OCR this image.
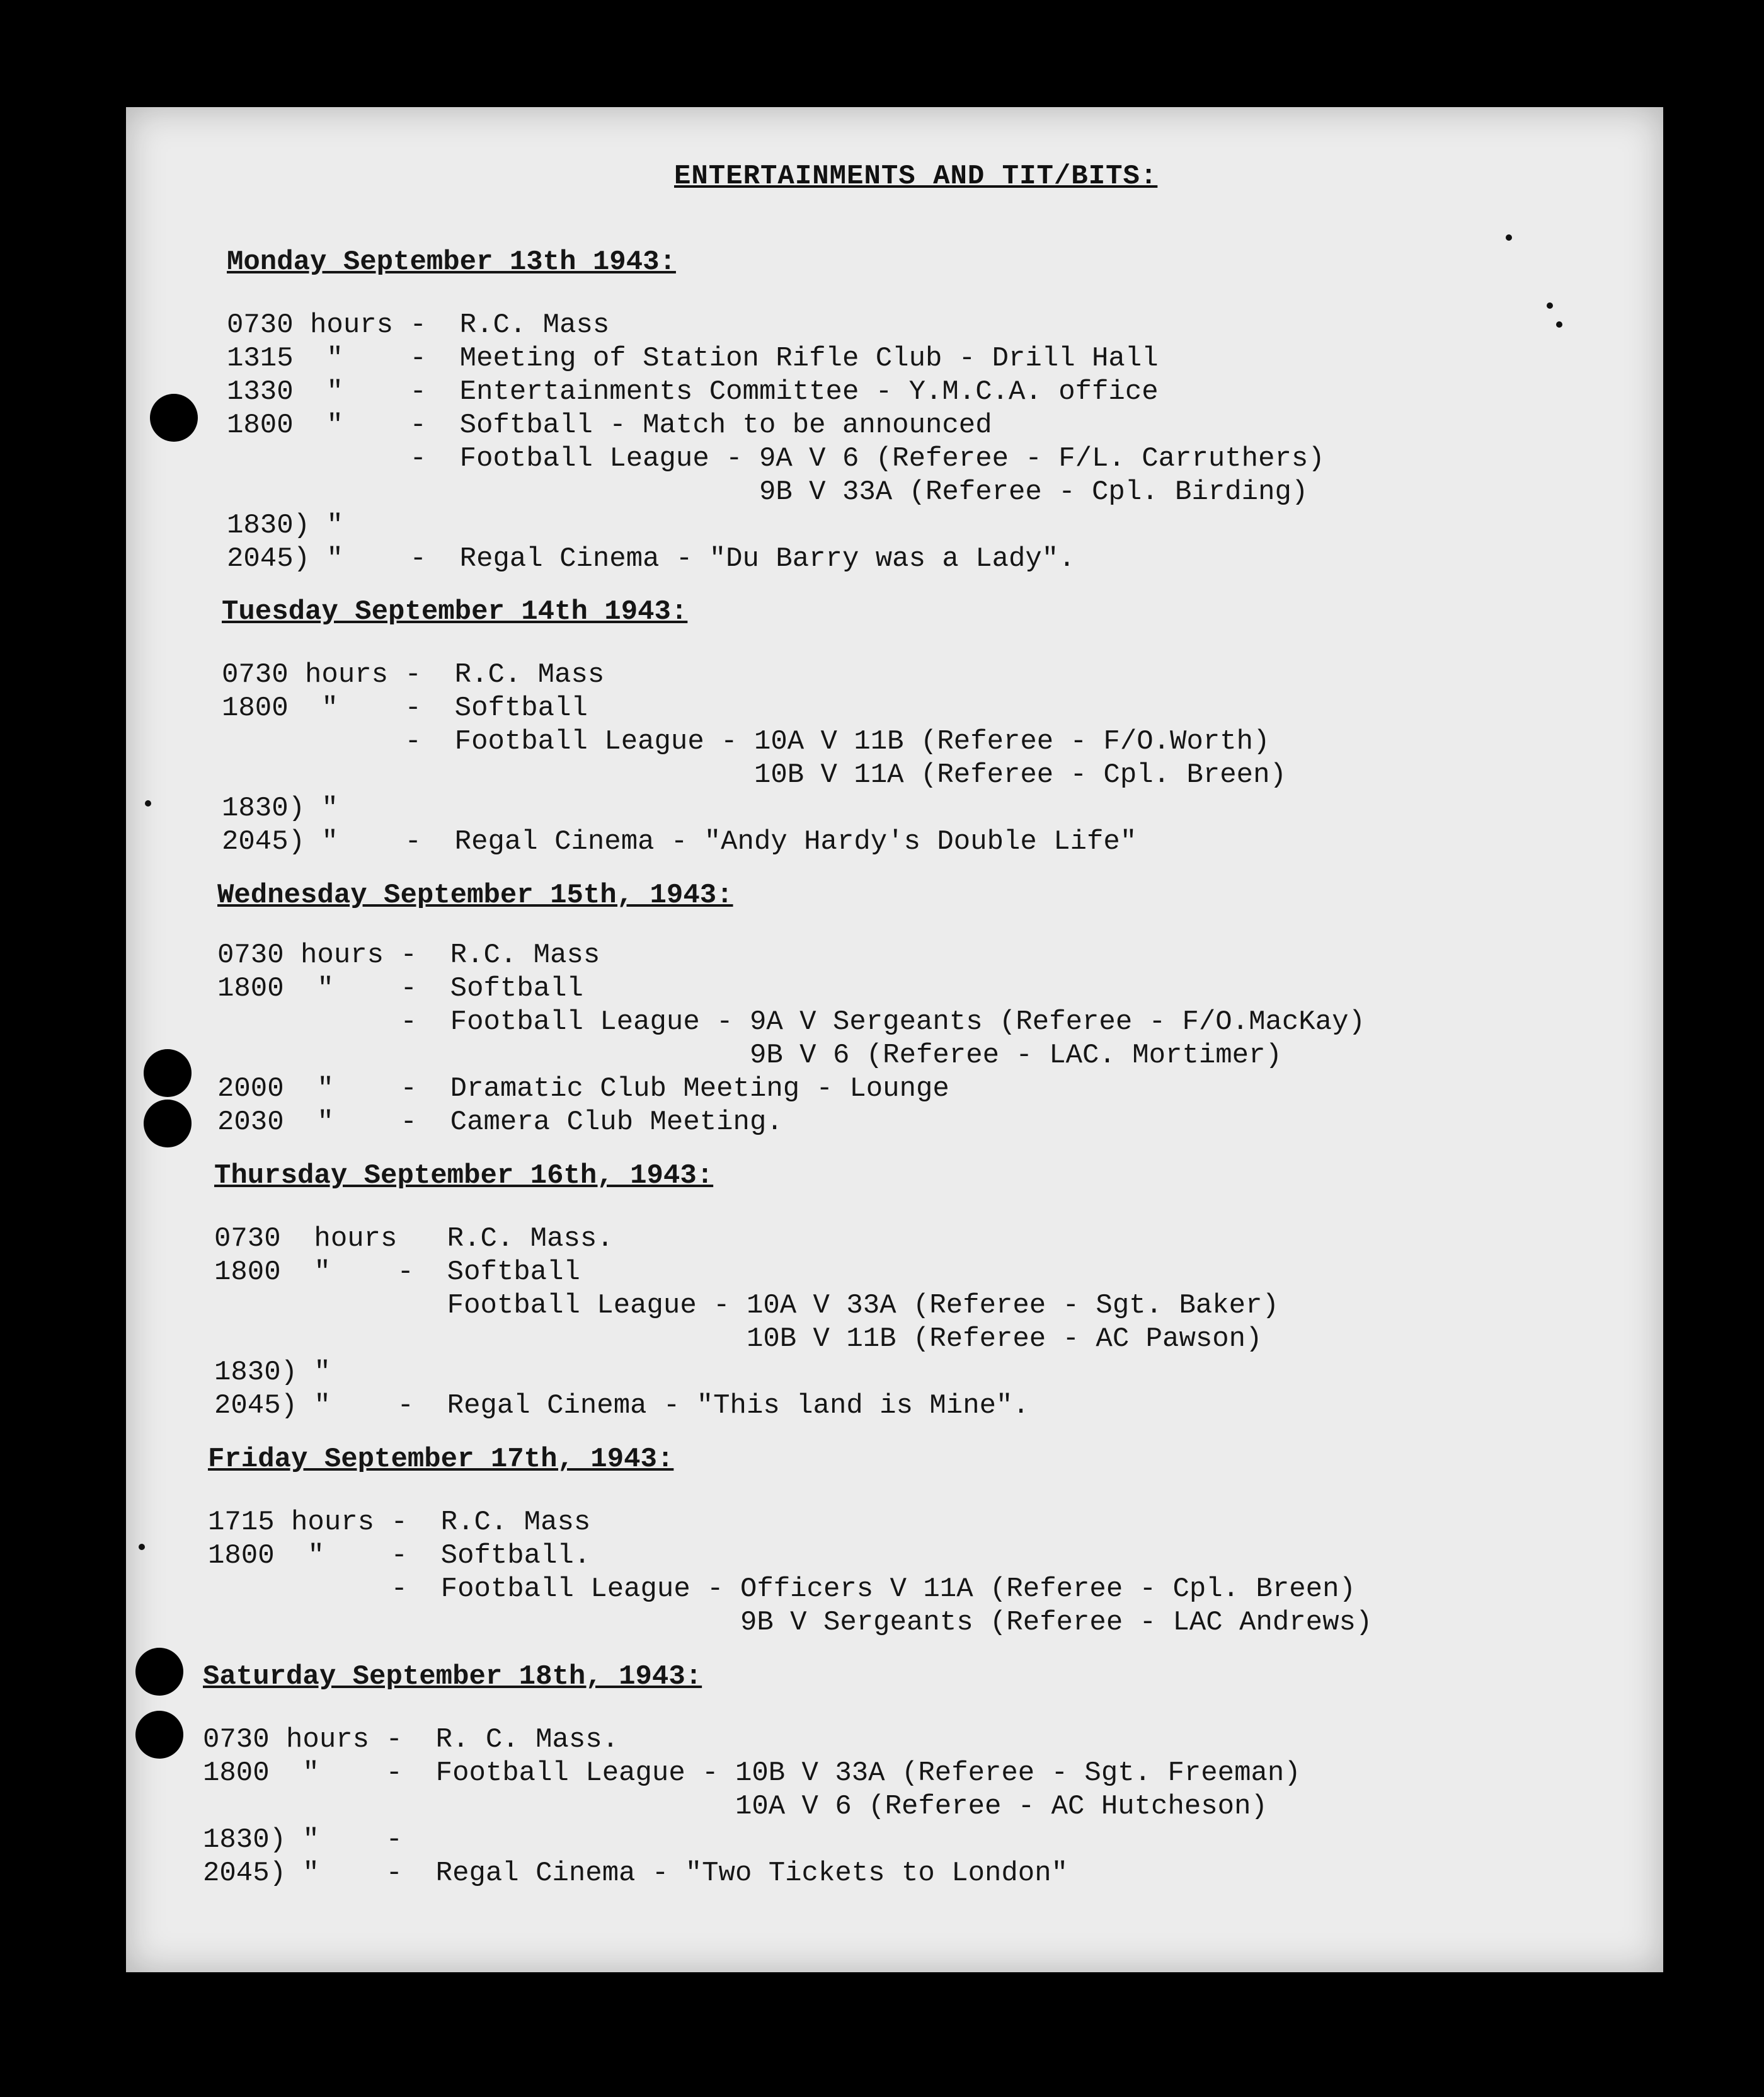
ENTERTAINMENTS AND TIT/BITS:
Monday September 13th 1943:
0730 hours -  R.C. Mass
1315  "    -  Meeting of Station Rifle Club - Drill Hall
1330  "    -  Entertainments Committee - Y.M.C.A. office
1800  "    -  Softball - Match to be announced
-  Football League - 9A V 6 (Referee - F/L. Carruthers)
9B V 33A (Referee - Cpl. Birding)
1830) "
2045) "    -  Regal Cinema - "Du Barry was a Lady".
Tuesday September 14th 1943:
0730 hours -  R.C. Mass
1800  "    -  Softball
-  Football League - 10A V 11B (Referee - F/O.Worth)
10B V 11A (Referee - Cpl. Breen)
1830) "
2045) "    -  Regal Cinema - "Andy Hardy's Double Life"
Wednesday September 15th, 1943:
0730 hours -  R.C. Mass
1800  "    -  Softball
-  Football League - 9A V Sergeants (Referee - F/O.MacKay)
9B V 6 (Referee - LAC. Mortimer)
2000  "    -  Dramatic Club Meeting - Lounge
2030  "    -  Camera Club Meeting.
Thursday September 16th, 1943:
0730  hours   R.C. Mass.
1800  "    -  Softball
Football League - 10A V 33A (Referee - Sgt. Baker)
10B V 11B (Referee - AC Pawson)
1830) "
2045) "    -  Regal Cinema - "This land is Mine".
Friday September 17th, 1943:
1715 hours -  R.C. Mass
1800  "    -  Softball.
-  Football League - Officers V 11A (Referee - Cpl. Breen)
9B V Sergeants (Referee - LAC Andrews)
Saturday September 18th, 1943:
0730 hours -  R. C. Mass.
1800  "    -  Football League - 10B V 33A (Referee - Sgt. Freeman)
10A V 6 (Referee - AC Hutcheson)
1830) "    -
2045) "    -  Regal Cinema - "Two Tickets to London"
